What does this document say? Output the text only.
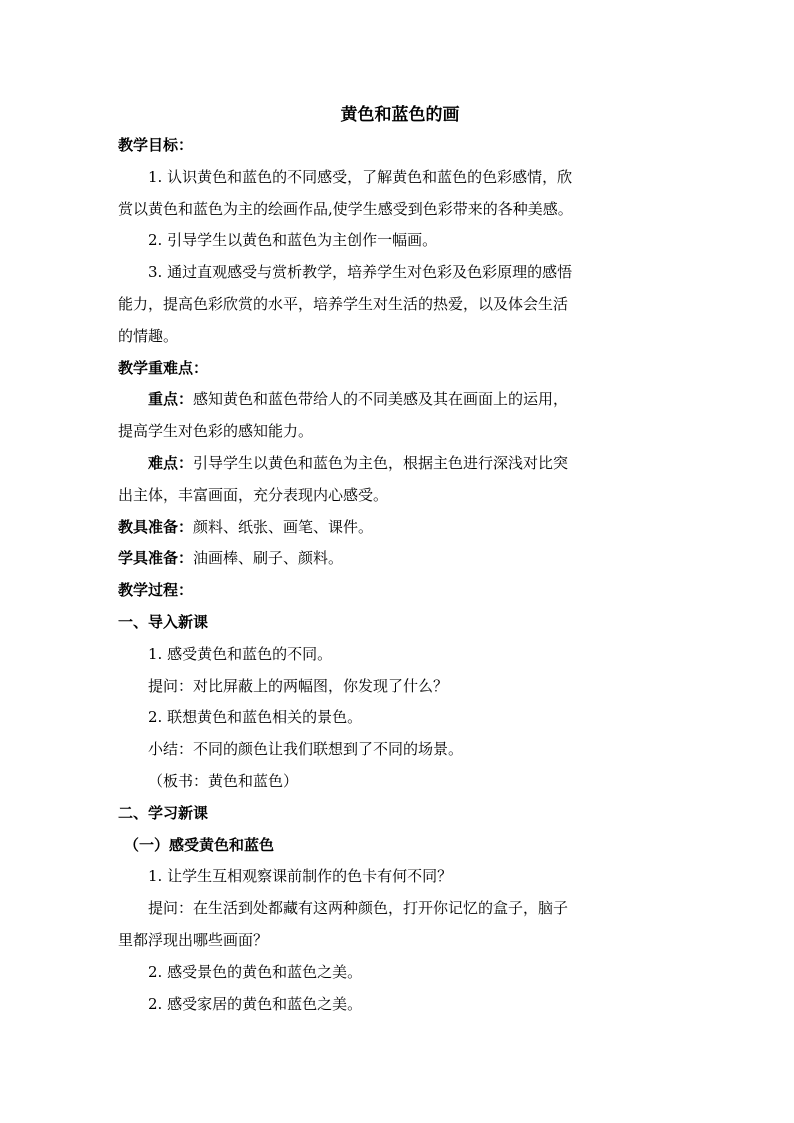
黄色和蓝色的画
教学目标：
1. 认识黄色和蓝色的不同感受，了解黄色和蓝色的色彩感情，欣
赏以黄色和蓝色为主的绘画作品,使学生感受到色彩带来的各种美感。
2. 引导学生以黄色和蓝色为主创作一幅画。
3. 通过直观感受与赏析教学，培养学生对色彩及色彩原理的感悟
能力，提高色彩欣赏的水平，培养学生对生活的热爱，以及体会生活
的情趣。
教学重难点：
重点：感知黄色和蓝色带给人的不同美感及其在画面上的运用，
提高学生对色彩的感知能力。
难点：引导学生以黄色和蓝色为主色，根据主色进行深浅对比突
出主体，丰富画面，充分表现内心感受。
教具准备：颜料、纸张、画笔、课件。
学具准备：油画棒、刷子、颜料。
教学过程：
一、导入新课
1. 感受黄色和蓝色的不同。
提问：对比屏蔽上的两幅图，你发现了什么？
2. 联想黄色和蓝色相关的景色。
小结：不同的颜色让我们联想到了不同的场景。
（板书：黄色和蓝色）
二、学习新课
（一）感受黄色和蓝色
1. 让学生互相观察课前制作的色卡有何不同？
提问：在生活到处都藏有这两种颜色，打开你记忆的盒子，脑子
里都浮现出哪些画面？
2. 感受景色的黄色和蓝色之美。
2. 感受家居的黄色和蓝色之美。
